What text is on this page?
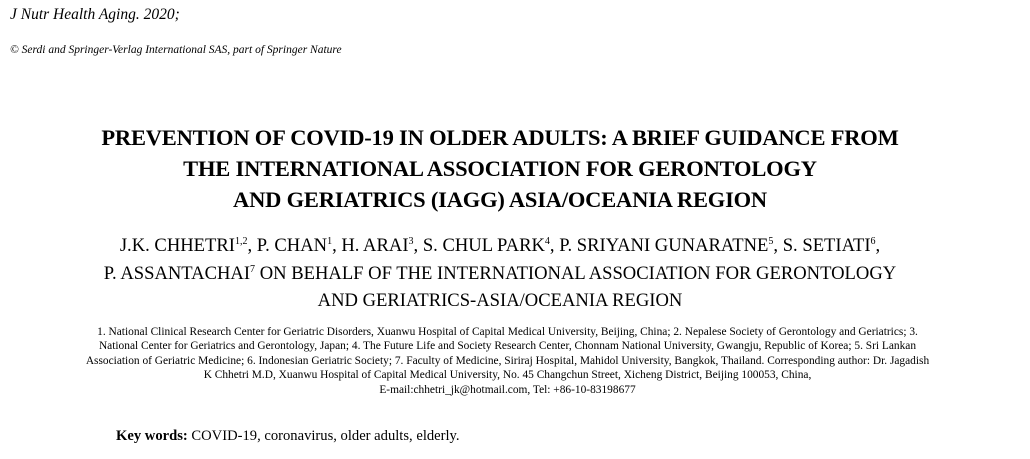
J Nutr Health Aging. 2020;
© Serdi and Springer-Verlag International SAS, part of Springer Nature
PREVENTION OF COVID-19 IN OLDER ADULTS: A BRIEF GUIDANCE FROM
THE INTERNATIONAL ASSOCIATION FOR GERONTOLOGY
AND GERIATRICS (IAGG) ASIA/OCEANIA REGION
J.K. CHHETRI$^{1,2}$, P. CHAN$^1$, H. ARAI$^3$, S. CHUL PARK$^4$, P. SRIYANI GUNARATNE$^5$, S. SETIATI$^6$,
P. ASSANTACHAI$^7$ ON BEHALF OF THE INTERNATIONAL ASSOCIATION FOR GERONTOLOGY
AND GERIATRICS-ASIA/OCEANIA REGION
1. National Clinical Research Center for Geriatric Disorders, Xuanwu Hospital of Capital Medical University, Beijing, China; 2. Nepalese Society of Gerontology and Geriatrics; 3.
National Center for Geriatrics and Gerontology, Japan; 4. The Future Life and Society Research Center, Chonnam National University, Gwangju, Republic of Korea; 5. Sri Lankan
Association of Geriatric Medicine; 6. Indonesian Geriatric Society; 7. Faculty of Medicine, Siriraj Hospital, Mahidol University, Bangkok, Thailand. Corresponding author: Dr. Jagadish
K Chhetri M.D, Xuanwu Hospital of Capital Medical University, No. 45 Changchun Street, Xicheng District, Beijing 100053, China,
E-mail:chhetri_jk@hotmail.com, Tel: +86-10-83198677
Key words: COVID-19, coronavirus, older adults, elderly.
